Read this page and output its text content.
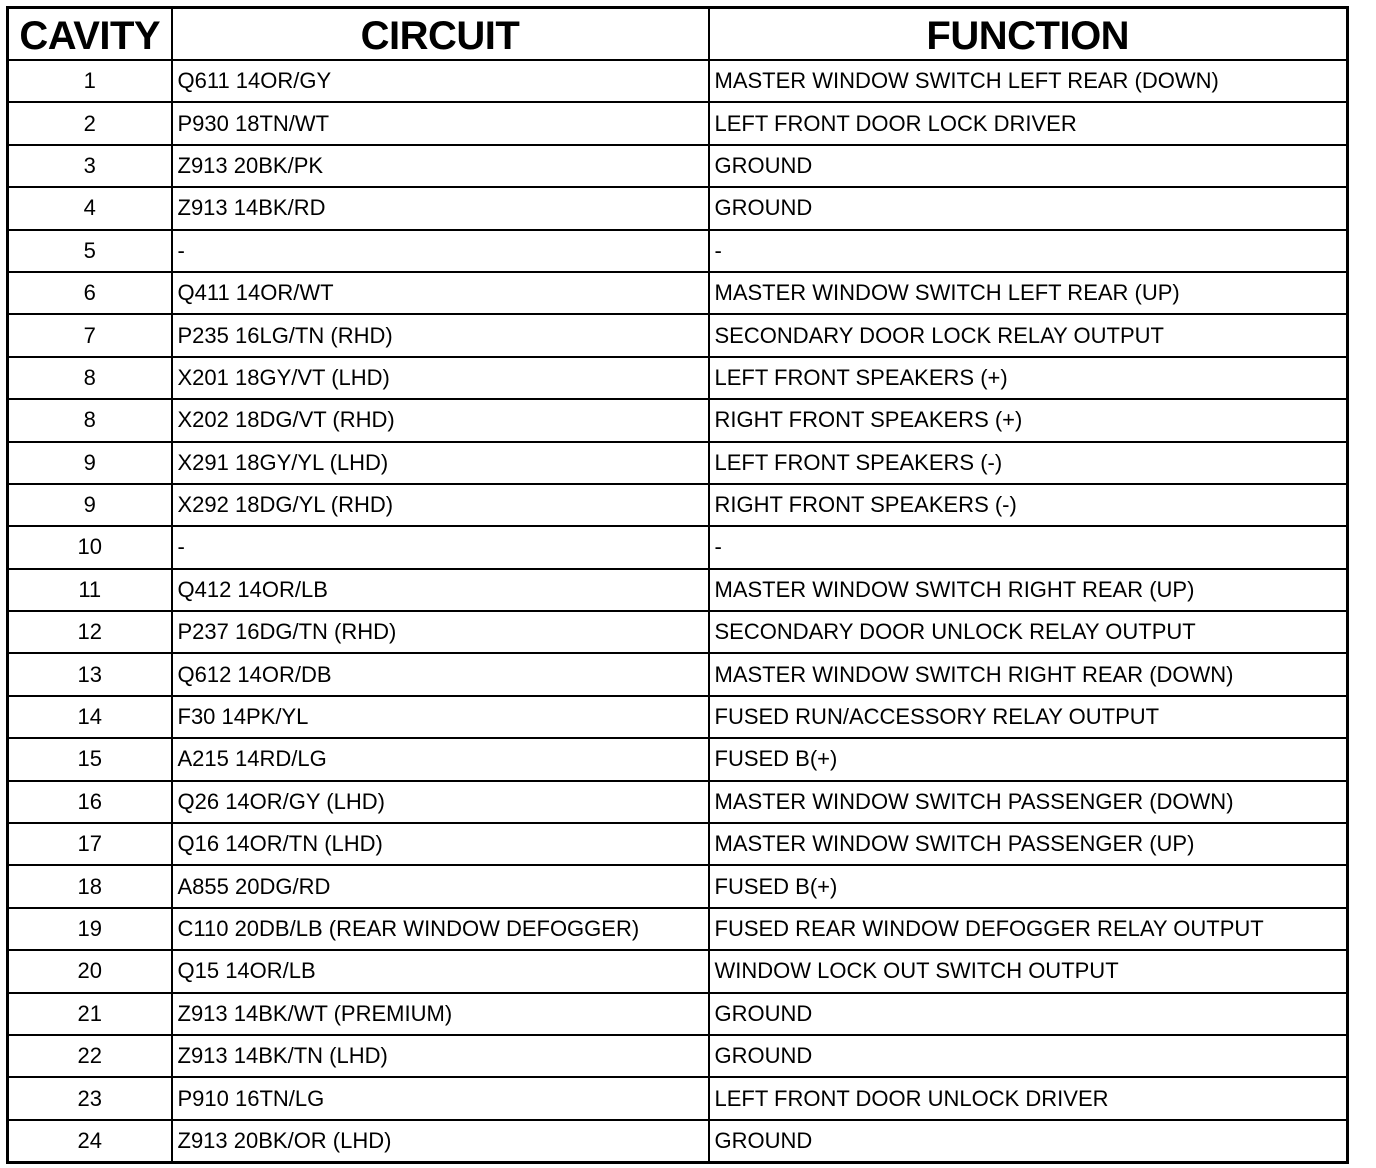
CAVITY	CIRCUIT	FUNCTION
1	Q611 14OR/GY	MASTER WINDOW SWITCH LEFT REAR (DOWN)
2	P930 18TN/WT	LEFT FRONT DOOR LOCK DRIVER
3	Z913 20BK/PK	GROUND
4	Z913 14BK/RD	GROUND
5	-	-
6	Q411 14OR/WT	MASTER WINDOW SWITCH LEFT REAR (UP)
7	P235 16LG/TN (RHD)	SECONDARY DOOR LOCK RELAY OUTPUT
8	X201 18GY/VT (LHD)	LEFT FRONT SPEAKERS (+)
8	X202 18DG/VT (RHD)	RIGHT FRONT SPEAKERS (+)
9	X291 18GY/YL (LHD)	LEFT FRONT SPEAKERS (-)
9	X292 18DG/YL (RHD)	RIGHT FRONT SPEAKERS (-)
10	-	-
11	Q412 14OR/LB	MASTER WINDOW SWITCH RIGHT REAR (UP)
12	P237 16DG/TN (RHD)	SECONDARY DOOR UNLOCK RELAY OUTPUT
13	Q612 14OR/DB	MASTER WINDOW SWITCH RIGHT REAR (DOWN)
14	F30 14PK/YL	FUSED RUN/ACCESSORY RELAY OUTPUT
15	A215 14RD/LG	FUSED B(+)
16	Q26 14OR/GY (LHD)	MASTER WINDOW SWITCH PASSENGER (DOWN)
17	Q16 14OR/TN (LHD)	MASTER WINDOW SWITCH PASSENGER (UP)
18	A855 20DG/RD	FUSED B(+)
19	C110 20DB/LB (REAR WINDOW DEFOGGER)	FUSED REAR WINDOW DEFOGGER RELAY OUTPUT
20	Q15 14OR/LB	WINDOW LOCK OUT SWITCH OUTPUT
21	Z913 14BK/WT (PREMIUM)	GROUND
22	Z913 14BK/TN (LHD)	GROUND
23	P910 16TN/LG	LEFT FRONT DOOR UNLOCK DRIVER
24	Z913 20BK/OR (LHD)	GROUND
